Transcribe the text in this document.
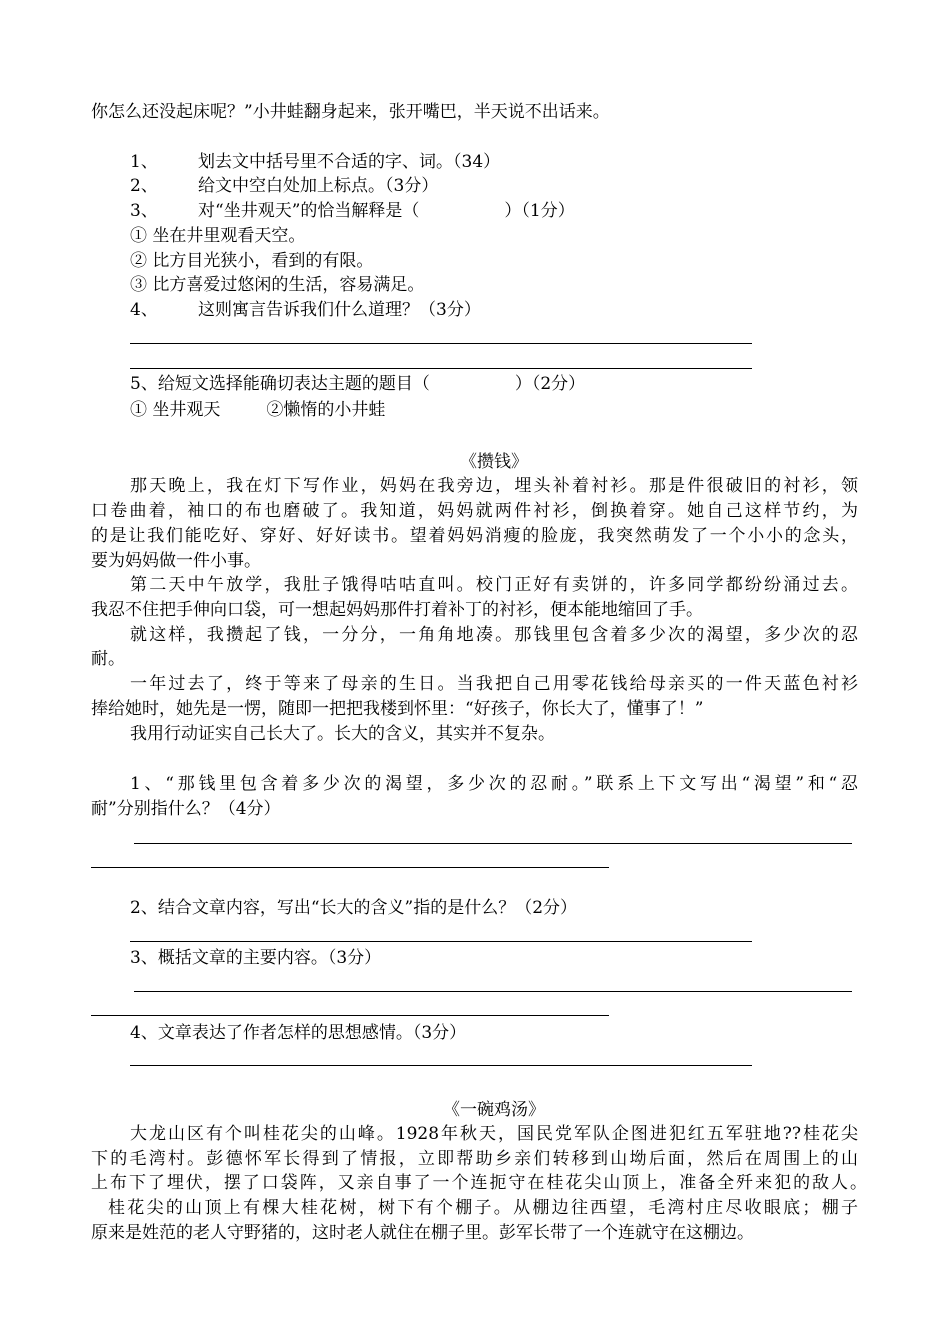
你怎么还没起床呢？”小井蛙翻身起来，张开嘴巴，半天说不出话来。
1、 划去文中括号里不合适的字、词。（34）
2、 给文中空白处加上标点。（3分）
3、 对“坐井观天”的恰当解释是（　　　　　）（1分）
① 坐在井里观看天空。
② 比方目光狭小，看到的有限。
③ 比方喜爱过悠闲的生活，容易满足。
4、 这则寓言告诉我们什么道理？（3分）
5、给短文选择能确切表达主题的题目（　　　　　）（2分）
① 坐井观天	②懒惰的小井蛙
《攒钱》
那天晚上，我在灯下写作业，妈妈在我旁边，埋头补着衬衫。那是件很破旧的衬衫，领
口卷曲着，袖口的布也磨破了。我知道，妈妈就两件衬衫，倒换着穿。她自己这样节约，为
的是让我们能吃好、穿好、好好读书。望着妈妈消瘦的脸庞，我突然萌发了一个小小的念头，
要为妈妈做一件小事。
第二天中午放学，我肚子饿得咕咕直叫。校门正好有卖饼的，许多同学都纷纷涌过去。
我忍不住把手伸向口袋，可一想起妈妈那件打着补丁的衬衫，便本能地缩回了手。
就这样，我攒起了钱，一分分，一角角地凑。那钱里包含着多少次的渴望，多少次的忍
耐。
一年过去了，终于等来了母亲的生日。当我把自己用零花钱给母亲买的一件天蓝色衬衫
捧给她时，她先是一愣，随即一把把我楼到怀里：“好孩子，你长大了，懂事了！”
我用行动证实自己长大了。长大的含义，其实并不复杂。
1、“那钱里包含着多少次的渴望，多少次的忍耐。”联系上下文写出“渴望”和“忍
耐”分别指什么？（4分）
2、结合文章内容，写出“长大的含义”指的是什么？（2分）
3、概括文章的主要内容。（3分）
4、文章表达了作者怎样的思想感情。（3分）
《一碗鸡汤》
大龙山区有个叫桂花尖的山峰。1928年秋天，国民党军队企图进犯红五军驻地??桂花尖
下的毛湾村。彭德怀军长得到了情报，立即帮助乡亲们转移到山坳后面，然后在周围上的山
上布下了埋伏，摆了口袋阵，又亲自事了一个连扼守在桂花尖山顶上，准备全歼来犯的敌人。
桂花尖的山顶上有棵大桂花树，树下有个棚子。从棚边往西望，毛湾村庄尽收眼底；棚子
原来是姓范的老人守野猪的，这时老人就住在棚子里。彭军长带了一个连就守在这棚边。
